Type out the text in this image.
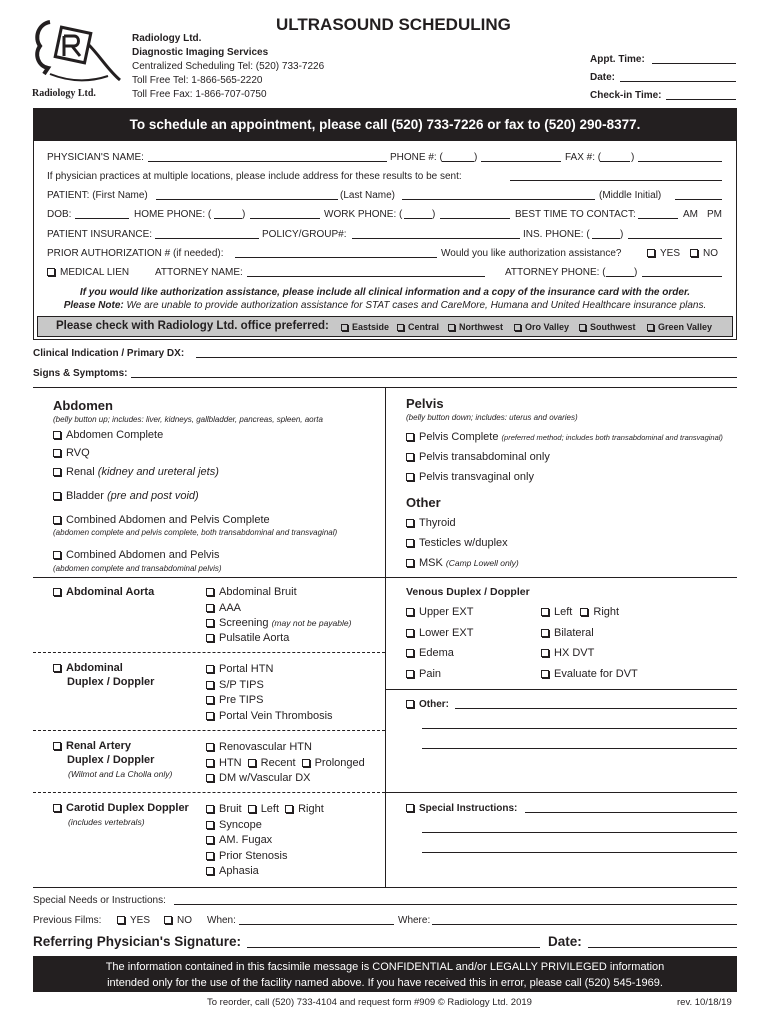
Radiology Ltd.
Radiology Ltd.
Diagnostic Imaging Services
Centralized Scheduling Tel: (520) 733-7226
Toll Free Tel: 1-866-565-2220
Toll Free Fax: 1-866-707-0750
ULTRASOUND SCHEDULING
Appt. Time:
Date:
Check-in Time:
To schedule an appointment, please call (520) 733-7226 or fax to (520) 290-8377.
PHYSICIAN'S NAME:	PHONE #: (	)	FAX #: (	)
If physician practices at multiple locations, please include address for these results to be sent:
PATIENT: (First Name)	(Last Name)	(Middle Initial)
DOB:	HOME PHONE: (	)	WORK PHONE: (	)	BEST TIME TO CONTACT:	AM PM
PATIENT INSURANCE:	POLICY/GROUP#:	INS. PHONE: (	)
PRIOR AUTHORIZATION # (if needed):	Would you like authorization assistance?	YES	NO
MEDICAL LIEN	ATTORNEY NAME:	ATTORNEY PHONE: (	)
If you would like authorization assistance, please include all clinical information and a copy of the insurance card with the order.
Please Note: We are unable to provide authorization assistance for STAT cases and CareMore, Humana and United Healthcare insurance plans.
Please check with Radiology Ltd. office preferred:	Eastside	Central	Northwest	Oro Valley	Southwest	Green Valley
Clinical Indication / Primary DX:
Signs & Symptoms:
Abdomen
(belly button up; includes: liver, kidneys, gallbladder, pancreas, spleen, aorta
Abdomen Complete
RVQ
Renal (kidney and ureteral jets)
Bladder (pre and post void)
Combined Abdomen and Pelvis Complete
(abdomen complete and pelvis complete, both transabdominal and transvaginal)
Combined Abdomen and Pelvis
(abdomen complete and transabdominal pelvis)
Pelvis
(belly button down; includes: uterus and ovaries)
Pelvis Complete (preferred method; includes both transabdominal and transvaginal)
Pelvis transabdominal only
Pelvis transvaginal only
Other
Thyroid
Testicles w/duplex
MSK (Camp Lowell only)
Abdominal Aorta	Abdominal Bruit
AAA
Screening (may not be payable)
Pulsatile Aorta
Abdominal
Duplex / Doppler
Portal HTN
S/P TIPS
Pre TIPS
Portal Vein Thrombosis
Renal Artery
Duplex / Doppler
(Wilmot and La Cholla only)
Renovascular HTN
HTN Recent Prolonged
DM w/Vascular DX
Carotid Duplex Doppler
(includes vertebrals)
Bruit Left Right
Syncope
AM. Fugax
Prior Stenosis
Aphasia
Venous Duplex / Doppler
Upper EXT	Left Right
Lower EXT	Bilateral
Edema	HX DVT
Pain	Evaluate for DVT
Other:
Special Instructions:
Special Needs or Instructions:
Previous Films:	YES	NO When:	Where:
Referring Physician's Signature:	Date:
The information contained in this facsimile message is CONFIDENTIAL and/or LEGALLY PRIVILEGED information
intended only for the use of the facility named above. If you have received this in error, please call (520) 545-1969.
To reorder, call (520) 733-4104 and request form #909 © Radiology Ltd. 2019	rev. 10/18/19
